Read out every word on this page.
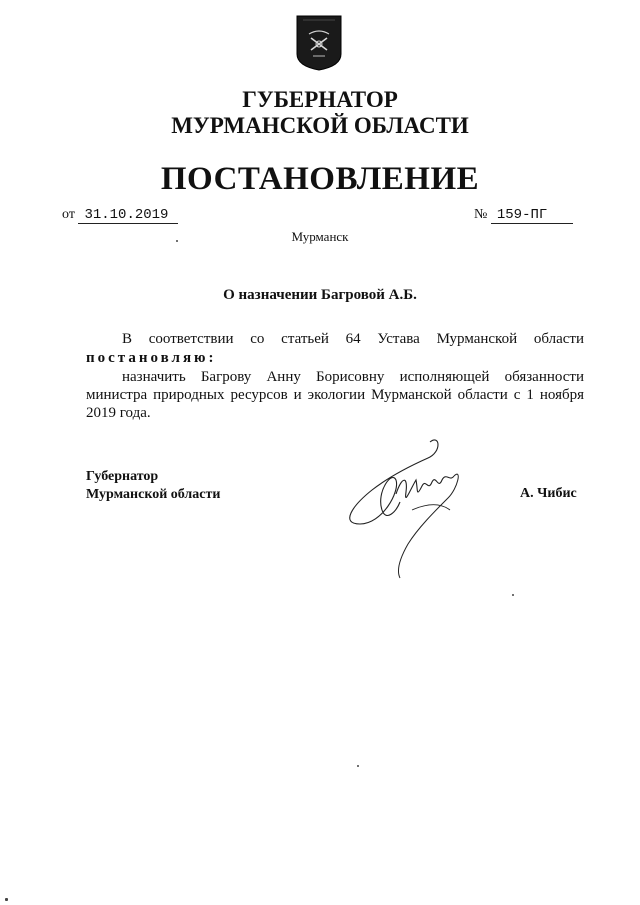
ГУБЕРНАТОР
МУРМАНСКОЙ ОБЛАСТИ
ПОСТАНОВЛЕНИЕ
от 31.10.2019	№ 159-ПГ
Мурманск
О назначении Багровой А.Б.
В соответствии со статьей 64 Устава Мурманской области
постановляю:
назначить Багрову Анну Борисовну исполняющей обязанности министра природных ресурсов и экологии Мурманской области с 1 ноября 2019 года.
Губернатор
Мурманской области	А. Чибис
